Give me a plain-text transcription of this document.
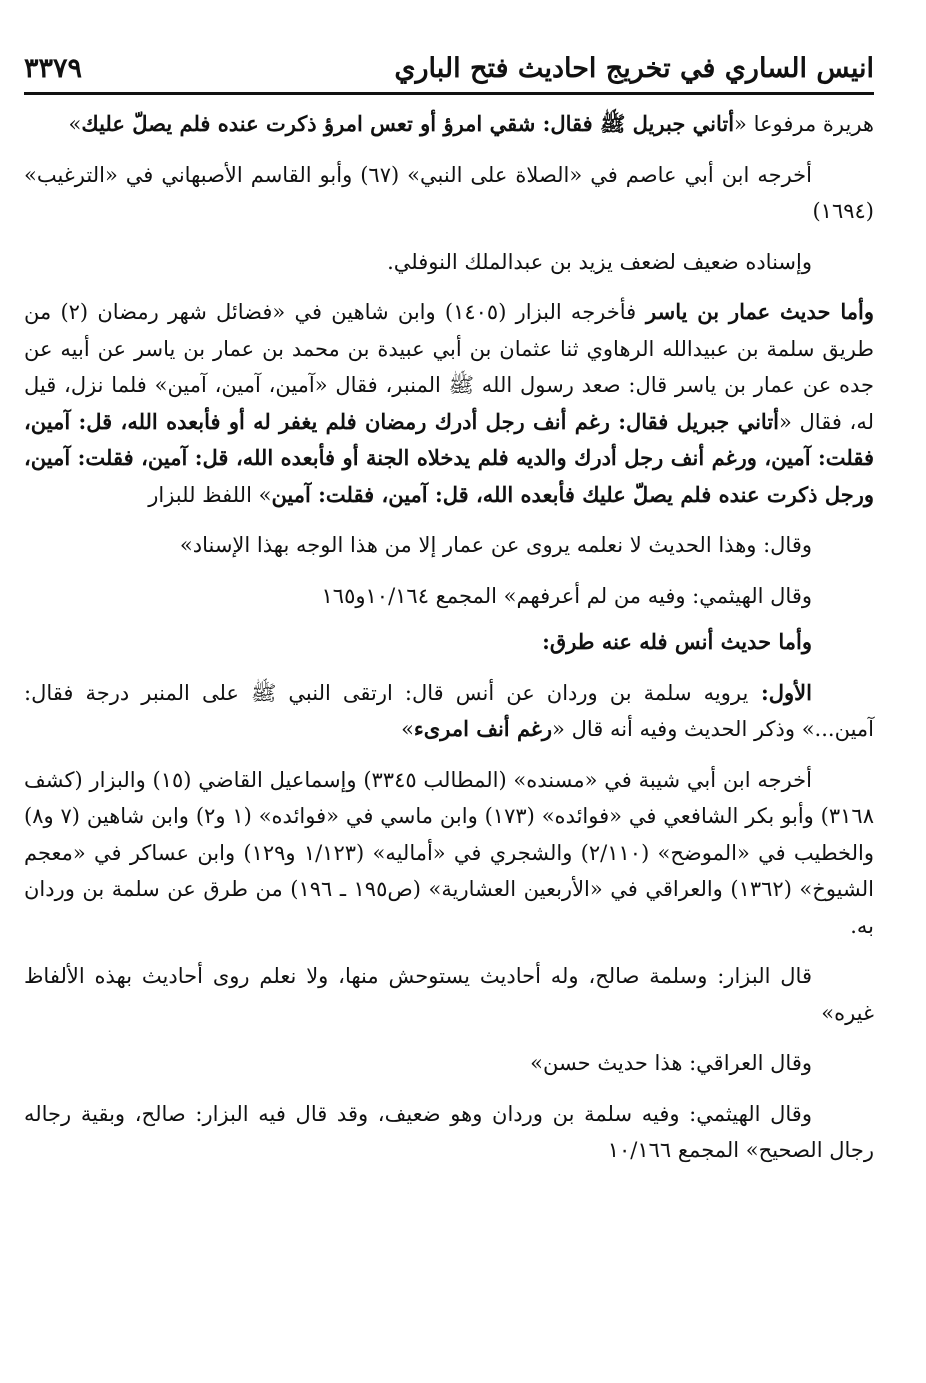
انيس الساري في تخريج احاديث فتح الباري
٣٣٧٩

هريرة مرفوعا «أتاني جبريل ﷺ فقال: شقي امرؤ أو تعس امرؤ ذكرت عنده فلم يصلّ عليك»

أخرجه ابن أبي عاصم في «الصلاة على النبي» (٦٧) وأبو القاسم الأصبهاني في «الترغيب» (١٦٩٤)

وإسناده ضعيف لضعف يزيد بن عبدالملك النوفلي.

وأما حديث عمار بن ياسر فأخرجه البزار (١٤٠٥) وابن شاهين في «فضائل شهر رمضان (٢) من طريق سلمة بن عبيدالله الرهاوي ثنا عثمان بن أبي عبيدة بن محمد بن عمار بن ياسر عن أبيه عن جده عن عمار بن ياسر قال: صعد رسول الله ﷺ المنبر، فقال «آمين، آمين، آمين» فلما نزل، قيل له، فقال «أتاني جبريل فقال: رغم أنف رجل أدرك رمضان فلم يغفر له أو فأبعده الله، قل: آمين، فقلت: آمين، ورغم أنف رجل أدرك والديه فلم يدخلاه الجنة أو فأبعده الله، قل: آمين، فقلت: آمين، ورجل ذكرت عنده فلم يصلّ عليك فأبعده الله، قل: آمين، فقلت: آمين» اللفظ للبزار

وقال: وهذا الحديث لا نعلمه يروى عن عمار إلا من هذا الوجه بهذا الإسناد»

وقال الهيثمي: وفيه من لم أعرفهم» المجمع ١٠/١٦٤و١٦٥

وأما حديث أنس فله عنه طرق:

الأول: يرويه سلمة بن وردان عن أنس قال: ارتقى النبي ﷺ على المنبر درجة فقال: آمين...» وذكر الحديث وفيه أنه قال «رغم أنف امرىء»

أخرجه ابن أبي شيبة في «مسنده» (المطالب ٣٣٤٥) وإسماعيل القاضي (١٥) والبزار (كشف ٣١٦٨) وأبو بكر الشافعي في «فوائده» (١٧٣) وابن ماسي في «فوائده» (١ و٢) وابن شاهين (٧ و٨) والخطيب في «الموضح» (٢/١١٠) والشجري في «أماليه» (١/١٢٣ و١٢٩) وابن عساكر في «معجم الشيوخ» (١٣٦٢) والعراقي في «الأربعين العشارية» (ص١٩٥ ـ ١٩٦) من طرق عن سلمة بن وردان به.

قال البزار: وسلمة صالح، وله أحاديث يستوحش منها، ولا نعلم روى أحاديث بهذه الألفاظ غيره»

وقال العراقي: هذا حديث حسن»

وقال الهيثمي: وفيه سلمة بن وردان وهو ضعيف، وقد قال فيه البزار: صالح، وبقية رجاله رجال الصحيح» المجمع ١٠/١٦٦
